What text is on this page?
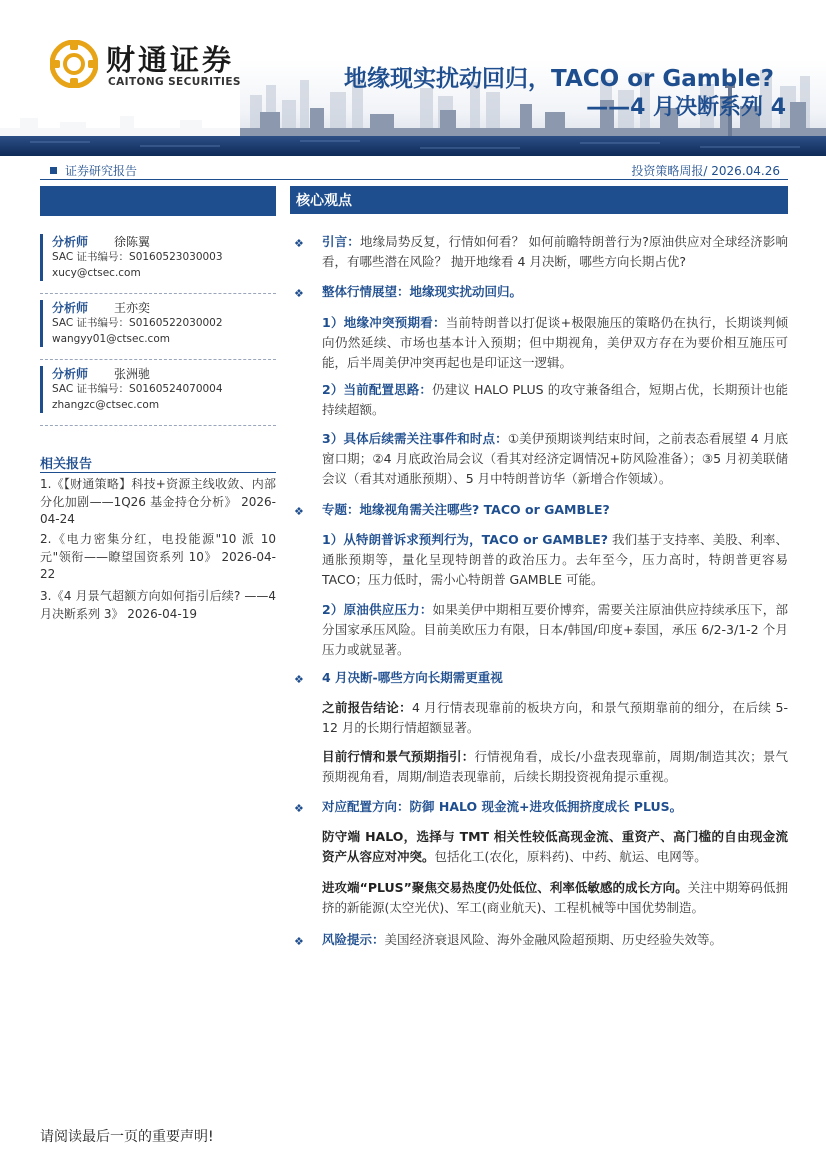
财通证券
CAITONG SECURITIES	地缘现实扰动回归，TACO or Gamble?
——4 月决断系列 4
证券研究报告	投资策略周报/ 2026.04.26
分析师 徐陈翼
SAC 证书编号：S0160523030003
xucy@ctsec.com
分析师 王亦奕
SAC 证书编号：S0160522030002
wangyy01@ctsec.com
分析师 张洲驰
SAC 证书编号：S0160524070004
zhangzc@ctsec.com
相关报告
1.《【财通策略】科技+资源主线收敛、内部分化加剧——1Q26 基金持仓分析》 2026-04-24
2.《电力密集分红，电投能源"10 派 10 元"领衔——瞭望国资系列 10》 2026-04-22
3.《4 月景气超额方向如何指引后续? ——4 月决断系列 3》 2026-04-19
核心观点
❖ 引言：地缘局势反复，行情如何看？ 如何前瞻特朗普行为?原油供应对全球经济影响看，有哪些潜在风险？ 抛开地缘看 4 月决断，哪些方向长期占优?
❖ 整体行情展望：地缘现实扰动回归。
1）地缘冲突预期看：当前特朗普以打促谈+极限施压的策略仍在执行，长期谈判倾向仍然延续、市场也基本计入预期；但中期视角，美伊双方存在为要价相互施压可能，后半周美伊冲突再起也是印证这一逻辑。
2）当前配置思路：仍建议 HALO PLUS 的攻守兼备组合，短期占优，长期预计也能持续超额。
3）具体后续需关注事件和时点：①美伊预期谈判结束时间，之前表态看展望 4 月底窗口期；②4 月底政治局会议（看其对经济定调情况+防风险准备）；③5 月初美联储会议（看其对通胀预期）、5 月中特朗普访华（新增合作领域）。
❖ 专题：地缘视角需关注哪些? TACO or GAMBLE?
1）从特朗普诉求预判行为，TACO or GAMBLE? 我们基于支持率、美股、利率、通胀预期等，量化呈现特朗普的政治压力。去年至今，压力高时，特朗普更容易 TACO；压力低时，需小心特朗普 GAMBLE 可能。
2）原油供应压力：如果美伊中期相互要价博弈，需要关注原油供应持续承压下，部分国家承压风险。目前美欧压力有限，日本/韩国/印度+泰国，承压 6/2-3/1-2 个月压力或就显著。
❖ 4 月决断-哪些方向长期需更重视
之前报告结论：4 月行情表现靠前的板块方向，和景气预期靠前的细分，在后续 5-12 月的长期行情超额显著。
目前行情和景气预期指引：行情视角看，成长/小盘表现靠前，周期/制造其次；景气预期视角看，周期/制造表现靠前，后续长期投资视角提示重视。
❖ 对应配置方向：防御 HALO 现金流+进攻低拥挤度成长 PLUS。
防守端 HALO，选择与 TMT 相关性较低高现金流、重资产、高门槛的自由现金流资产从容应对冲突。包括化工(农化，原料药)、中药、航运、电网等。
进攻端“PLUS”聚焦交易热度仍处低位、利率低敏感的成长方向。关注中期筹码低拥挤的新能源(太空光伏)、军工(商业航天)、工程机械等中国优势制造。
❖ 风险提示：美国经济衰退风险、海外金融风险超预期、历史经验失效等。
请阅读最后一页的重要声明!
